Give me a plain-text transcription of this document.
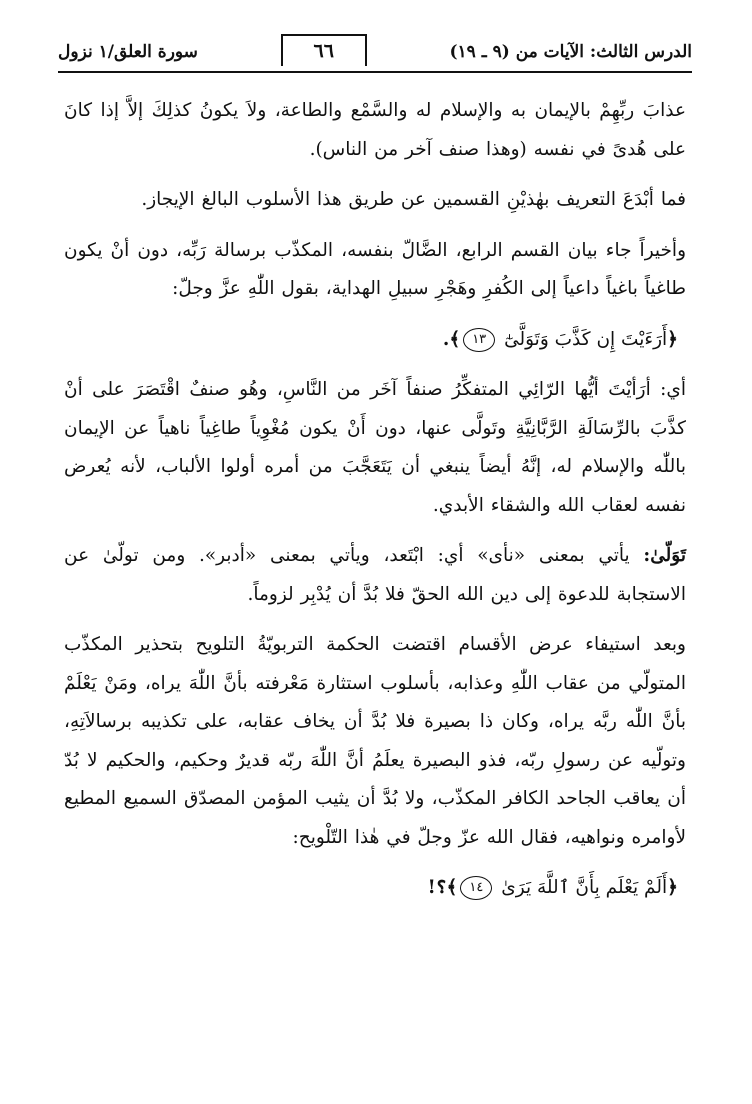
الدرس الثالث: الآيات من (٩ ـ ١٩)
٦٦
سورة العلق/١ نزول

عذابَ ربِّهِمْ بالإيمان به والإسلام له والسَّمْع والطاعة، ولاَ يكونُ كذلِكَ إلاَّ إذا كانَ على هُدىً في نفسه (وهذا صنف آخر من الناس).

فما أبْدَعَ التعريف بهٰذيْنِ القسمين عن طريق هذا الأسلوب البالغ الإيجاز.

وأخيراً جاء بيان القسم الرابع، الضَّالّ بنفسه، المكذّب برسالة رَبِّه، دون أنْ يكون طاغياً باغياً داعياً إلى الكُفرِ وهَجْرِ سبيلِ الهداية، بقول اللّٰهِ عزَّ وجلّ:

﴿أَرَءَيْتَ إِن كَذَّبَ وَتَوَلَّىٰٓ ١٣﴾.

أي: أرَأيْتَ أيُّها الرّائِي المتفكِّرُ صنفاً آخَر من النَّاسِ، وهُو صنفٌ اقْتَصَرَ على أنْ كذَّبَ بالرِّسَالَةِ الرَّبَّانِيَّةِ وتَولَّى عنها، دون أَنْ يكون مُغْوِياً طاغِياً ناهياً عن الإيمان باللّٰه والإسلام له، إنَّهُ أيضاً ينبغي أن يَتَعَجَّبَ من أمره أولوا الألباب، لأنه يُعرض نفسه لعقاب الله والشقاء الأبدي.

تَوَلّىٰ: يأتي بمعنى «نأى» أي: ابْتَعد، ويأتي بمعنى «أدبر». ومن تولّىٰ عن الاستجابة للدعوة إلى دين الله الحقّ فلا بُدَّ أن يُدْبِر لزوماً.

وبعد استيفاء عرض الأقسام اقتضت الحكمة التربويّةُ التلويح بتحذير المكذّب المتولّي من عقاب اللّٰهِ وعذابه، بأسلوب استثارة مَعْرفته بأنَّ اللّٰهَ يراه، ومَنْ يَعْلَمْ بأنَّ اللّٰه ربَّه يراه، وكان ذا بصيرة فلا بُدَّ أن يخاف عقابه، على تكذيبه برسالاَتِهِ، وتولّيه عن رسولِ ربّه، فذو البصيرة يعلَمُ أنَّ اللّٰهَ ربّه قديرٌ وحكيم، والحكيم لا بُدّ أن يعاقب الجاحد الكافر المكذّب، ولا بُدَّ أن يثيب المؤمن المصدّق السميع المطيع لأوامره ونواهيه، فقال الله عزّ وجلّ في هٰذا التّلْويح:

﴿أَلَمْ يَعْلَم بِأَنَّ ٱللَّهَ يَرَىٰ ١٤﴾؟!
